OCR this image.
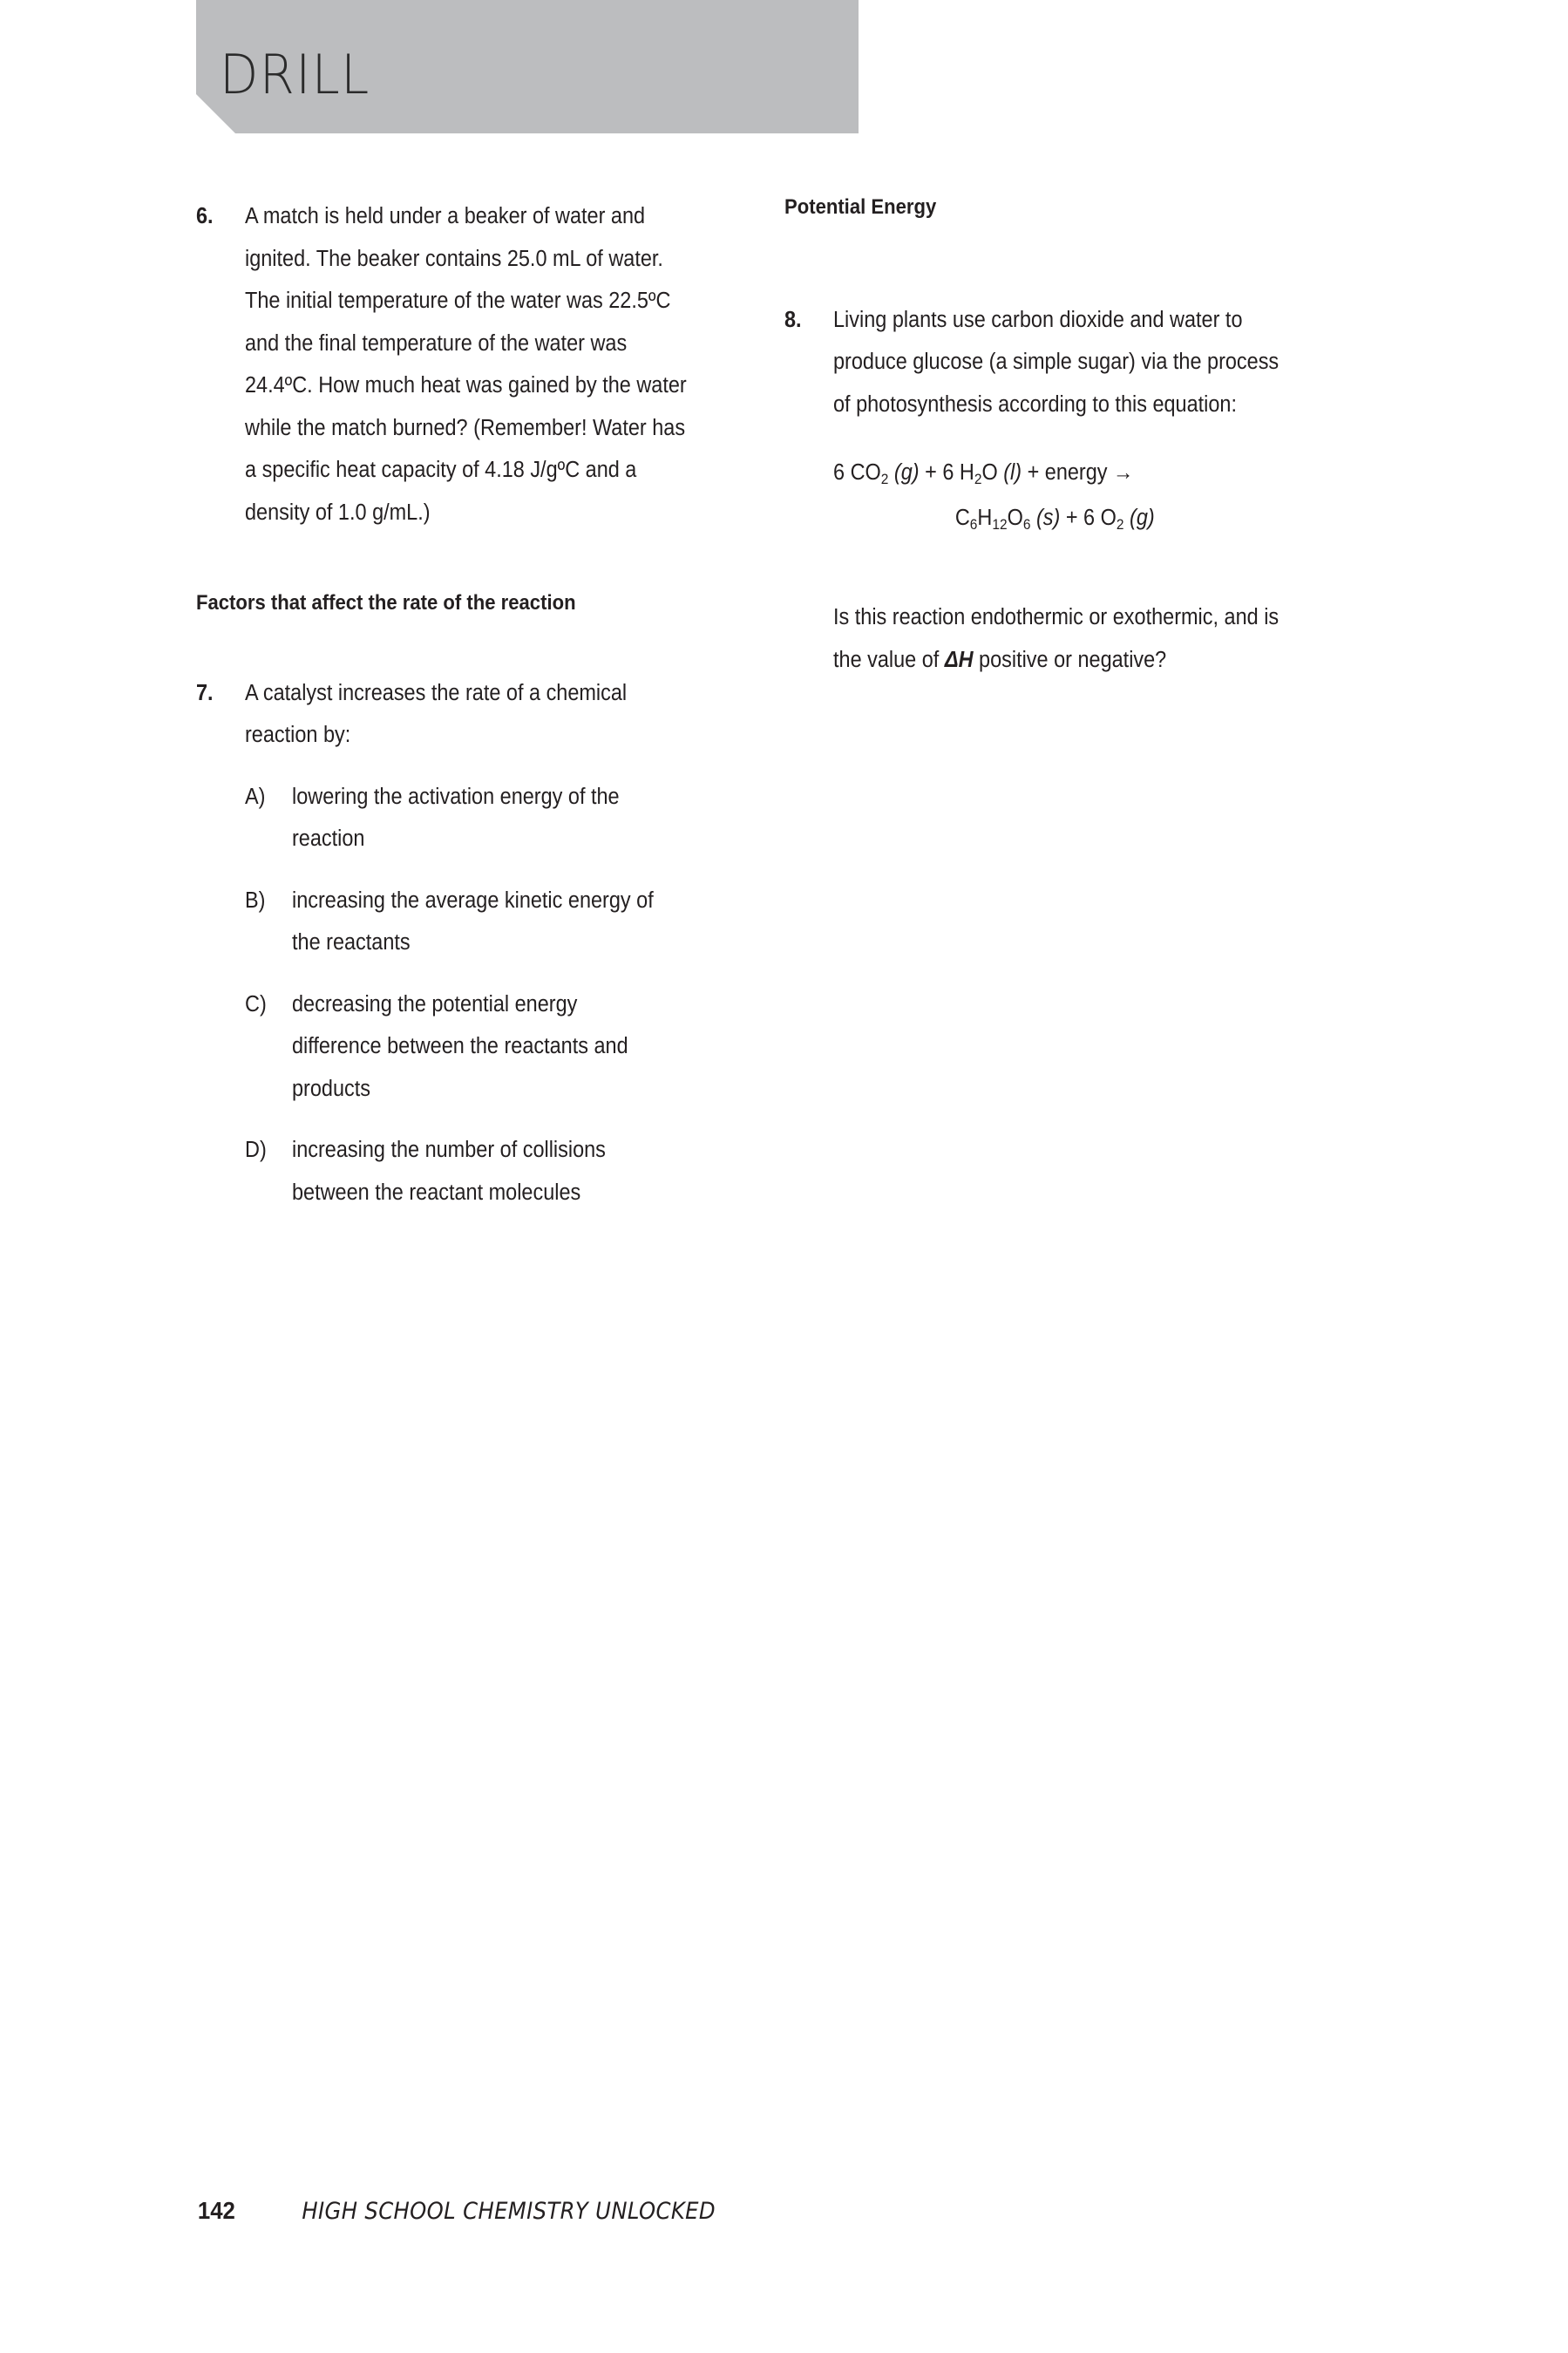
DRILL
6.	A match is held under a beaker of water and ignited. The beaker contains 25.0 mL of water. The initial temperature of the water was 22.5ºC and the final temperature of the water was 24.4ºC. How much heat was gained by the water while the match burned? (Remember! Water has a specific heat capacity of 4.18 J/gºC and a density of 1.0 g/mL.)
Factors that affect the rate of the reaction
7.	A catalyst increases the rate of a chemical reaction by:
A)	lowering the activation energy of the reaction
B)	increasing the average kinetic energy of the reactants
C)	decreasing the potential energy difference between the reactants and products
D)	increasing the number of collisions between the reactant molecules
Potential Energy
8.	Living plants use carbon dioxide and water to produce glucose (a simple sugar) via the process of photosynthesis according to this equation:
6 CO2 (g) + 6 H2O (l) + energy →
C6H12O6 (s) + 6 O2 (g)
Is this reaction endothermic or exothermic, and is the value of ΔH positive or negative?
142	HIGH SCHOOL CHEMISTRY UNLOCKED
